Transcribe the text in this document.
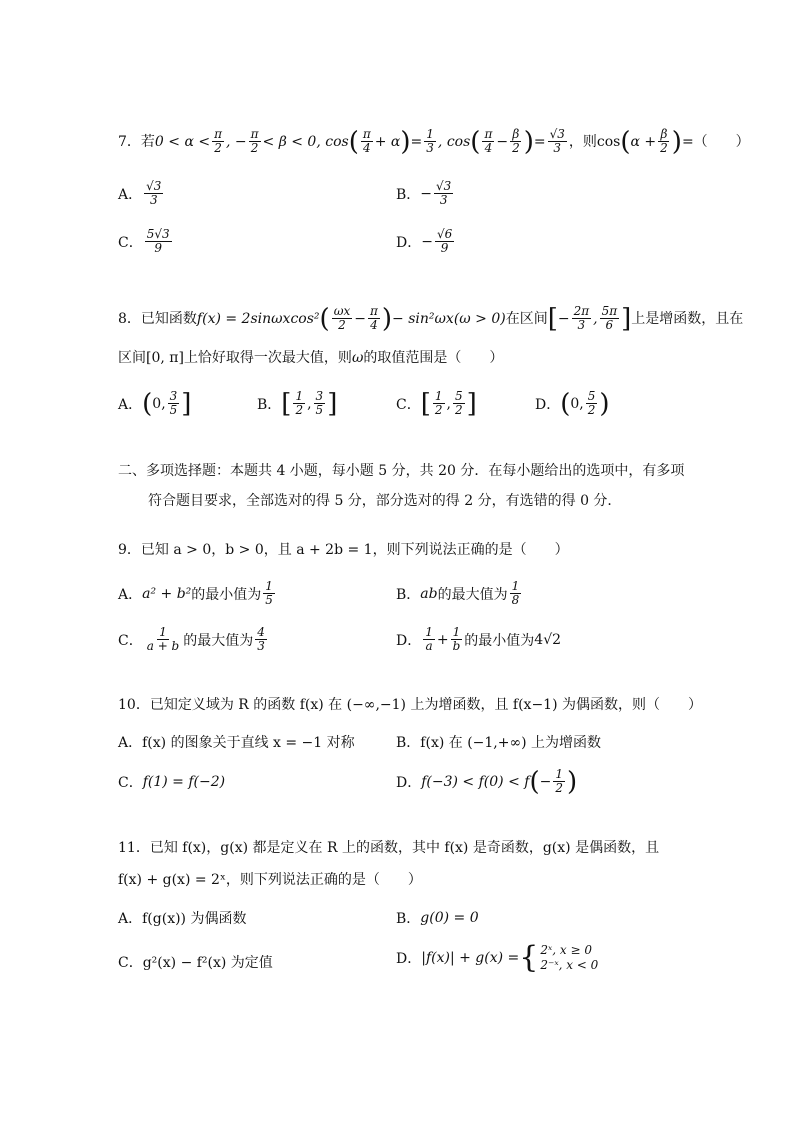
7．若 $0 < \alpha < \frac{\pi}{2}$ , − $\frac{\pi}{2} < \beta < 0$, cos ( $\frac{\pi}{4} + \alpha$ ) = $\frac{1}{3}$ , cos ( $\frac{\pi}{4} - \frac{\beta}{2}$ ) = $\frac{√3}{3}$ ，则 cos ( $\alpha + \frac{\beta}{2}$ ) =（　　）
A． $\frac{√3}{3}$	B． − $\frac{√3}{3}$
C． $\frac{5√3}{9}$	D． − $\frac{√6}{9}$
8．已知函数 f(x) = 2sinωxcos² ( $\frac{\omega x}{2} - \frac{\pi}{4}$ ) − sin²ωx(ω > 0) 在区间 [ − $\frac{2\pi}{3}$ , $\frac{5\pi}{6}$ ] 上是增函数，且在
区间 [0, π] 上恰好取得一次最大值，则 ω 的取值范围是（　　）
A． ( 0, $\frac{3}{5}$ ]	B． [ $\frac{1}{2}$ , $\frac{3}{5}$ ]	C． [ $\frac{1}{2}$ , $\frac{5}{2}$ ]	D． ( 0, $\frac{5}{2}$ )
二、多项选择题：本题共 4 小题，每小题 5 分，共 20 分．在每小题给出的选项中，有多项
符合题目要求，全部选对的得 5 分，部分选对的得 2 分，有选错的得 0 分．
9．已知 a > 0，b > 0，且 a + 2b = 1，则下列说法正确的是（　　）
A． a² + b² 的最小值为 $\frac{1}{5}$	B． ab 的最大值为 $\frac{1}{8}$
C． $\frac{1}{a + b}$ 的最大值为 $\frac{4}{3}$	D． $\frac{1}{a} + \frac{1}{b}$ 的最小值为 4√2
10．已知定义域为 R 的函数 f(x) 在 (−∞,−1) 上为增函数，且 f(x−1) 为偶函数，则（　　）
A． f(x) 的图象关于直线 x = −1 对称	B． f(x) 在 (−1,+∞) 上为增函数
C． f(1) = f(−2)	D． f(−3) < f(0) < f ( − $\frac{1}{2}$ )
11．已知 f(x)，g(x) 都是定义在 R 上的函数，其中 f(x) 是奇函数，g(x) 是偶函数，且
f(x) + g(x) = 2ˣ，则下列说法正确的是（　　）
A． f(g(x)) 为偶函数	B． g(0) = 0
C． g²(x) − f²(x) 为定值	D． |f(x)| + g(x) = { 2ˣ, x ≥ 0
2⁻ˣ, x < 0
